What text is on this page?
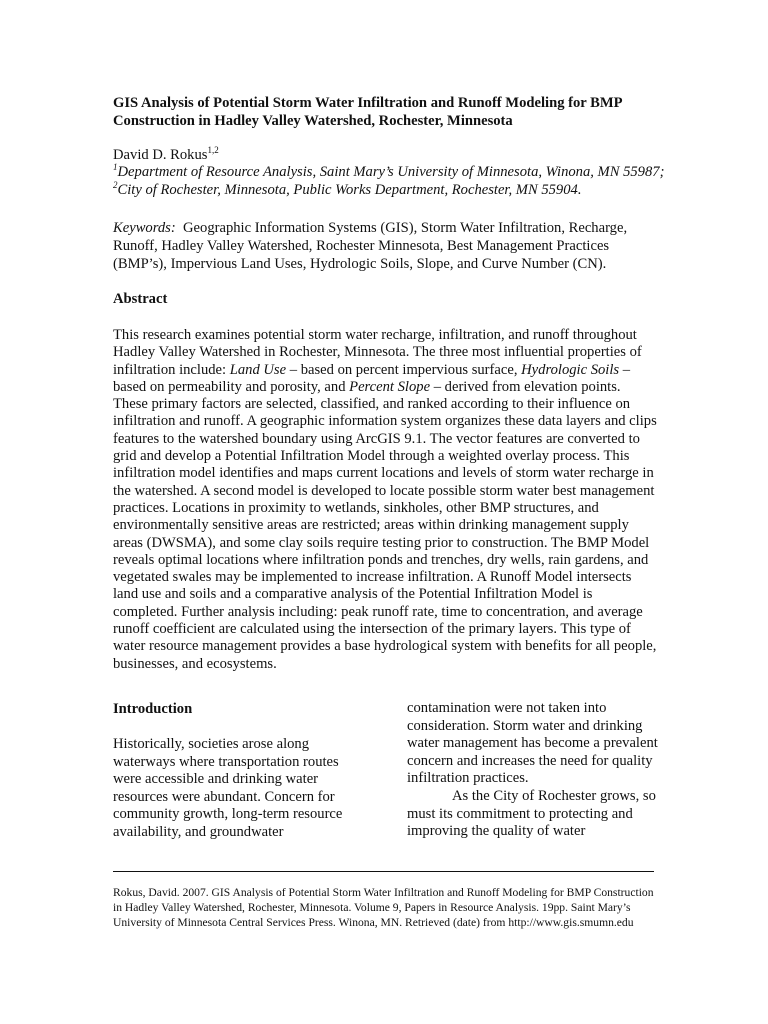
GIS Analysis of Potential Storm Water Infiltration and Runoff Modeling for BMP Construction in Hadley Valley Watershed, Rochester, Minnesota
David D. Rokus$^{1,2}$
$^1$Department of Resource Analysis, Saint Mary’s University of Minnesota, Winona, MN 55987; $^2$City of Rochester, Minnesota, Public Works Department, Rochester, MN 55904.
Keywords: Geographic Information Systems (GIS), Storm Water Infiltration, Recharge, Runoff, Hadley Valley Watershed, Rochester Minnesota, Best Management Practices (BMP’s), Impervious Land Uses, Hydrologic Soils, Slope, and Curve Number (CN).
Abstract

This research examines potential storm water recharge, infiltration, and runoff throughout Hadley Valley Watershed in Rochester, Minnesota. The three most influential properties of infiltration include: Land Use – based on percent impervious surface, Hydrologic Soils – based on permeability and porosity, and Percent Slope – derived from elevation points. These primary factors are selected, classified, and ranked according to their influence on infiltration and runoff. A geographic information system organizes these data layers and clips features to the watershed boundary using ArcGIS 9.1. The vector features are converted to grid and develop a Potential Infiltration Model through a weighted overlay process. This infiltration model identifies and maps current locations and levels of storm water recharge in the watershed. A second model is developed to locate possible storm water best management practices. Locations in proximity to wetlands, sinkholes, other BMP structures, and environmentally sensitive areas are restricted; areas within drinking management supply areas (DWSMA), and some clay soils require testing prior to construction. The BMP Model reveals optimal locations where infiltration ponds and trenches, dry wells, rain gardens, and vegetated swales may be implemented to increase infiltration. A Runoff Model intersects land use and soils and a comparative analysis of the Potential Infiltration Model is completed. Further analysis including: peak runoff rate, time to concentration, and average runoff coefficient are calculated using the intersection of the primary layers. This type of water resource management provides a base hydrological system with benefits for all people, businesses, and ecosystems.

Introduction

Historically, societies arose along waterways where transportation routes were accessible and drinking water resources were abundant. Concern for community growth, long-term resource availability, and groundwater

contamination were not taken into consideration. Storm water and drinking water management has become a prevalent concern and increases the need for quality infiltration practices.

As the City of Rochester grows, so must its commitment to protecting and improving the quality of water

Rokus, David. 2007. GIS Analysis of Potential Storm Water Infiltration and Runoff Modeling for BMP Construction in Hadley Valley Watershed, Rochester, Minnesota. Volume 9, Papers in Resource Analysis. 19pp. Saint Mary’s University of Minnesota Central Services Press. Winona, MN. Retrieved (date) from http://www.gis.smumn.edu
